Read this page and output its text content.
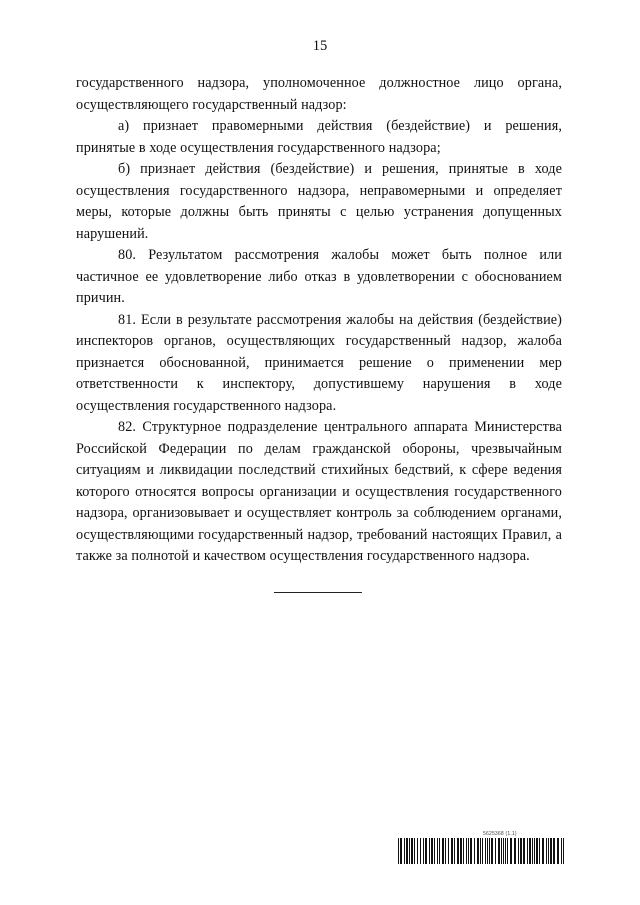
15

государственного надзора, уполномоченное должностное лицо органа, осуществляющего государственный надзор:

а) признает правомерными действия (бездействие) и решения, принятые в ходе осуществления государственного надзора;

б) признает действия (бездействие) и решения, принятые в ходе осуществления государственного надзора, неправомерными и определяет меры, которые должны быть приняты с целью устранения допущенных нарушений.

80. Результатом рассмотрения жалобы может быть полное или частичное ее удовлетворение либо отказ в удовлетворении с обоснованием причин.

81. Если в результате рассмотрения жалобы на действия (бездействие) инспекторов органов, осуществляющих государственный надзор, жалоба признается обоснованной, принимается решение о применении мер ответственности к инспектору, допустившему нарушения в ходе осуществления государственного надзора.

82. Структурное подразделение центрального аппарата Министерства Российской Федерации по делам гражданской обороны, чрезвычайным ситуациям и ликвидации последствий стихийных бедствий, к сфере ведения которого относятся вопросы организации и осуществления государственного надзора, организовывает и осуществляет контроль за соблюдением органами, осуществляющими государственный надзор, требований настоящих Правил, а также за полнотой и качеством осуществления государственного надзора.

5625368 (1.1)
